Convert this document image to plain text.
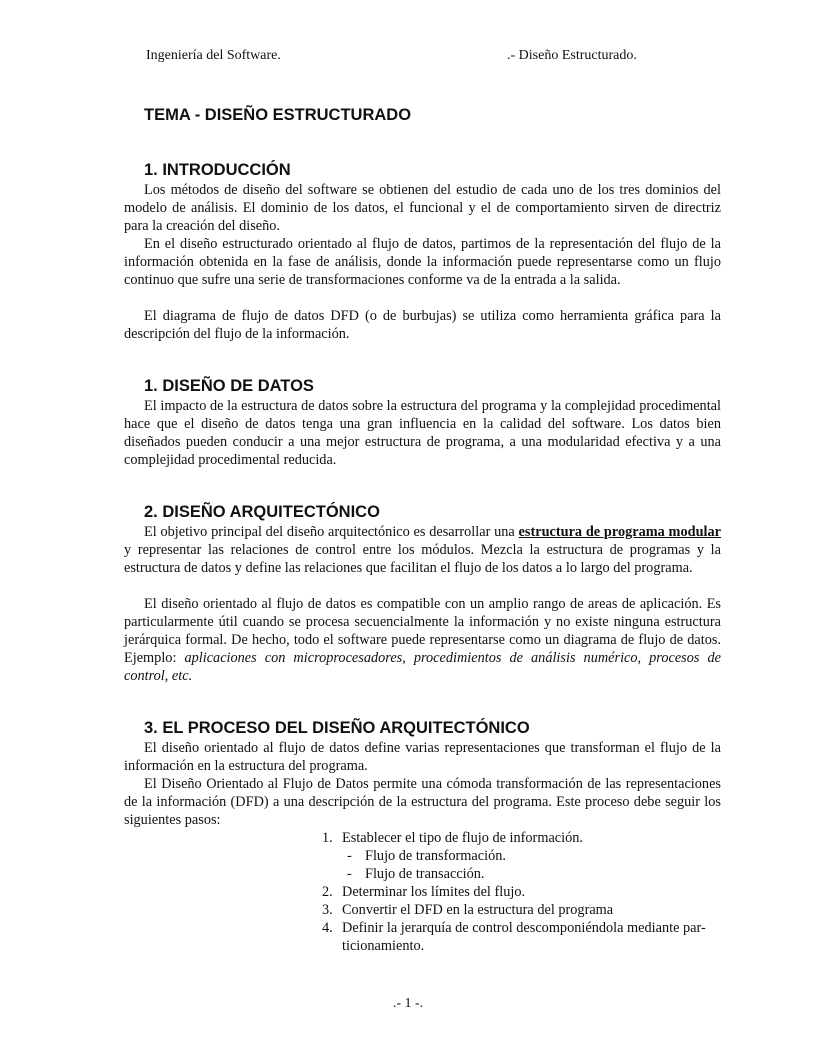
Ingeniería del Software.	.- Diseño Estructurado.
TEMA - DISEÑO ESTRUCTURADO
1. INTRODUCCIÓN

Los métodos de diseño del software se obtienen del estudio de cada uno de los tres dominios del modelo de análisis. El dominio de los datos, el funcional y el de comportamiento sirven de directriz para la creación del diseño.

En el diseño estructurado orientado al flujo de datos, partimos de la representación del flujo de la información obtenida en la fase de análisis, donde la información puede representarse como un flujo continuo que sufre una serie de transformaciones conforme va de la entrada a la salida.

El diagrama de flujo de datos DFD (o de burbujas) se utiliza como herramienta gráfica para la descripción del flujo de la información.

1. DISEÑO DE DATOS

El impacto de la estructura de datos sobre la estructura del programa y la complejidad procedimental hace que el diseño de datos tenga una gran influencia en la calidad del software. Los datos bien diseñados pueden conducir a una mejor estructura de programa, a una modularidad efectiva y a una complejidad procedimental reducida.

2. DISEÑO ARQUITECTÓNICO

El objetivo principal del diseño arquitectónico es desarrollar una estructura de programa modular y representar las relaciones de control entre los módulos. Mezcla la estructura de programas y la estructura de datos y define las relaciones que facilitan el flujo de los datos a lo largo del programa.

El diseño orientado al flujo de datos es compatible con un amplio rango de areas de aplicación. Es particularmente útil cuando se procesa secuencialmente la información y no existe ninguna estructura jerárquica formal. De hecho, todo el software puede representarse como un diagrama de flujo de datos. Ejemplo: aplicaciones con microprocesadores, procedimientos de análisis numérico, procesos de control, etc.

3. EL PROCESO DEL DISEÑO ARQUITECTÓNICO

El diseño orientado al flujo de datos define varias representaciones que transforman el flujo de la información en la estructura del programa.

El Diseño Orientado al Flujo de Datos permite una cómoda transformación de las representaciones de la información (DFD) a una descripción de la estructura del programa. Este proceso debe seguir los siguientes pasos:

1. Establecer el tipo de flujo de información.
- Flujo de transformación.
- Flujo de transacción.
2. Determinar los límites del flujo.
3. Convertir el DFD en la estructura del programa
4. Definir la jerarquía de control descomponiéndola mediante par-
ticionamiento.
.- 1 -.
